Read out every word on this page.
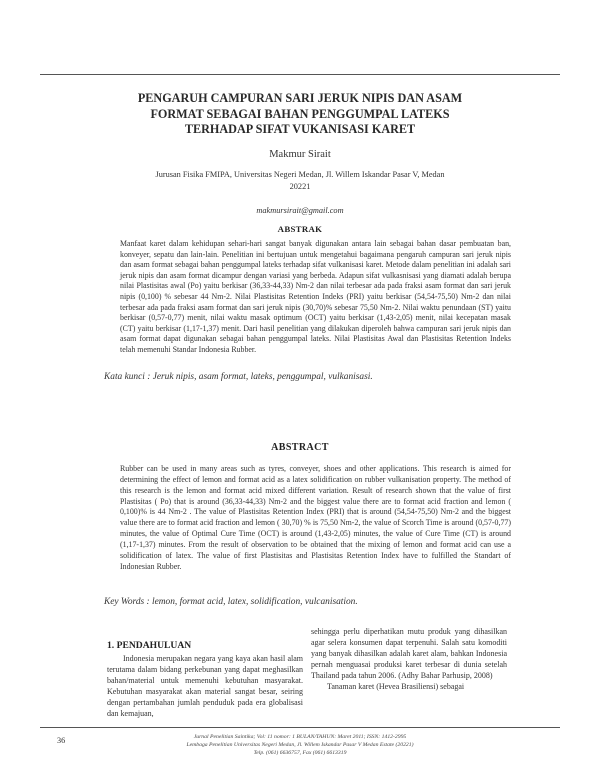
PENGARUH CAMPURAN SARI JERUK NIPIS DAN ASAM
FORMAT SEBAGAI BAHAN PENGGUMPAL LATEKS
TERHADAP SIFAT VUKANISASI KARET
Makmur Sirait
Jurusan Fisika FMIPA, Universitas Negeri Medan, Jl. Willem Iskandar Pasar V, Medan 20221
makmursirait@gmail.com
ABSTRAK

Manfaat karet dalam kehidupan sehari-hari sangat banyak digunakan antara lain sebagai bahan dasar pembuatan ban, konveyer, sepatu dan lain-lain. Penelitian ini bertujuan untuk mengetahui bagaimana pengaruh campuran sari jeruk nipis dan asam format sebagai bahan penggumpal lateks terhadap sifat vulkanisasi karet. Metode dalam penelitian ini adalah sari jeruk nipis dan asam format dicampur dengan variasi yang berbeda. Adapun sifat vulkasnisasi yang diamati adalah berupa nilai Plastisitas awal (Po) yaitu berkisar (36,33-44,33) Nm-2 dan nilai terbesar ada pada fraksi asam format dan sari jeruk nipis (0,100) % sebesar 44 Nm-2. Nilai Plastisitas Retention Indeks (PRI) yaitu berkisar (54,54-75,50) Nm-2 dan nilai terbesar ada pada fraksi asam format dan sari jeruk nipis (30,70)% sebesar 75,50 Nm-2. Nilai waktu penundaan (ST) yaitu berkisar (0,57-0,77) menit, nilai waktu masak optimum (OCT) yaitu berkisar (1,43-2,05) menit, nilai kecepatan masak (CT) yaitu berkisar (1,17-1,37) menit. Dari hasil penelitian yang dilakukan diperoleh bahwa campuran sari jeruk nipis dan asam format dapat digunakan sebagai bahan penggumpal lateks. Nilai Plastisitas Awal dan Plastisitas Retention Indeks telah memenuhi Standar Indonesia Rubber.

Kata kunci : Jeruk nipis, asam format, lateks, penggumpal, vulkanisasi.
ABSTRACT

Rubber can be used in many areas such as tyres, conveyer, shoes and other applications. This research is aimed for determining the effect of lemon and format acid as a latex solidification on rubber vulkanisation property. The method of this research is the lemon and format acid mixed different variation. Result of research shown that the value of first Plastisitas ( Po) that is around (36,33-44,33) Nm-2 and the biggest value there are to format acid fraction and lemon ( 0,100)% is 44 Nm-2 . The value of Plastisitas Retention Index (PRI) that is around (54,54-75,50) Nm-2 and the biggest value there are to format acid fraction and lemon ( 30,70) % is 75,50 Nm-2, the value of Scorch Time is around (0,57-0,77) minutes, the value of Optimal Cure Time (OCT) is around (1,43-2,05) minutes, the value of Cure Time (CT) is around (1,17-1,37) minutes. From the result of observation to be obtained that the mixing of lemon and format acid can use a solidification of latex. The value of first Plastisitas and Plastisitas Retention Index have to fulfilled the Standart of Indonesian Rubber.

Key Words : lemon, format acid, latex, solidification, vulcanisation.
1. PENDAHULUAN
Indonesia merupakan negara yang kaya akan hasil alam terutama dalam bidang perkebunan yang dapat meghasilkan bahan/material untuk memenuhi kebutuhan masyarakat. Kebutuhan masyarakat akan material sangat besar, seiring dengan pertambahan jumlah penduduk pada era globalisasi dan kemajuan,
sehingga perlu diperhatikan mutu produk yang dihasilkan agar selera konsumen dapat terpenuhi. Salah satu komoditi yang banyak dihasilkan adalah karet alam, bahkan Indonesia pernah menguasai produksi karet terbesar di dunia setelah Thailand pada tahun 2006. (Adhy Bahar Parhusip, 2008)
Tanaman karet (Hevea Brasiliensi) sebagai
36	Jurnal Penelitian Saintika; Vol: 11 nomor: 1 BULAN/TAHUN: Maret 2011; ISSN: 1412-2995
Lembaga Penelitian Universitas Negeri Medan, Jl. Willem Iskandar Pasar V Medan Estate (20221)
Telp. (061) 6636757, Fax (061) 6613319
